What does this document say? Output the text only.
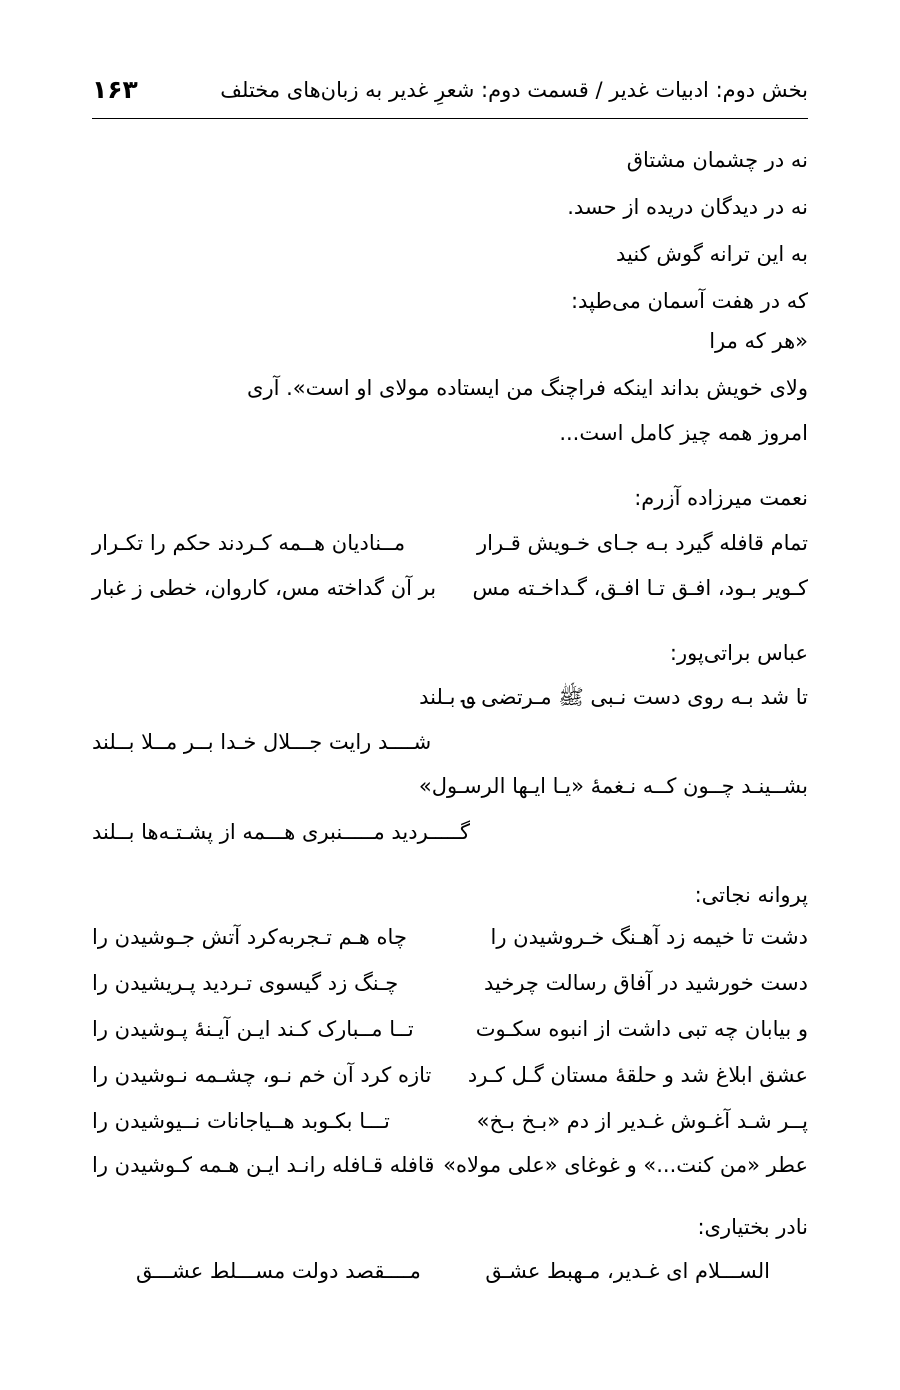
بخش دوم: ادبیات غدیر / قسمت دوم: شعرِ غدیر به زبان‌های مختلف
۱۶۳
نه در چشمان مشتاق
نه در دیدگان دریده از حسد.
به این ترانه گوش کنید
که در هفت آسمان می‌طپد:
«هر که مرا
ولای خویش بداند اینکه فراچنگ من ایستاده مولای او است». آری
امروز همه چیز کامل است...
نعمت میرزاده آزرم:
تمام قافله گیرد بـه جـای خـویش قـرار
مــنادیان هــمه کـردند حکم را تکـرار
کـویر بـود، افـق تـا افـق، گـداخـته مس
بر آن گداخته مس، کاروان، خطی ز غبار
عباس براتی‌پور:
تا شد بـه روی دست نـبی ﷺ مـرتضی ؈ بـلند
شــــد رایت جـــلال خـدا بــر مــلا بــلند
بشــینـد چــون کــه نـغمهٔ «یـا ایـها الرسـول»
گـــــردید مـــــنبری هـــمه از پشـتـه‌ها بــلند
پروانه نجاتی:
دشت تا خیمه زد آهـنگ خـروشیدن را
چاه هـم تـجربه‌کرد آتش جـوشیدن را
دست خورشید در آفاق رسالت چرخید
چـنگ زد گیسوی تـردید پـریشیدن را
و بیابان چه تبی داشت از انبوه سکـوت
تــا مــبارک کـند ایـن آیـنهٔ پـوشیدن را
عشق ابلاغ شد و حلقهٔ مستان گـل کـرد
تازه کرد آن خم نـو، چشـمه نـوشیدن را
پــر شـد آغـوش غـدیر از دم «بـخ بـخ»
تـــا بکـوبد هــیاجانات نــیوشیدن را
عطر «من کنت...» و غوغای «علی مولاه»
قافله قـافله رانـد ایـن هـمه کـوشیدن را
نادر بختیاری:
الســـلام ای غـدیر، مـهبط عشـق
مــــقصد دولت مســـلط عشـــق
